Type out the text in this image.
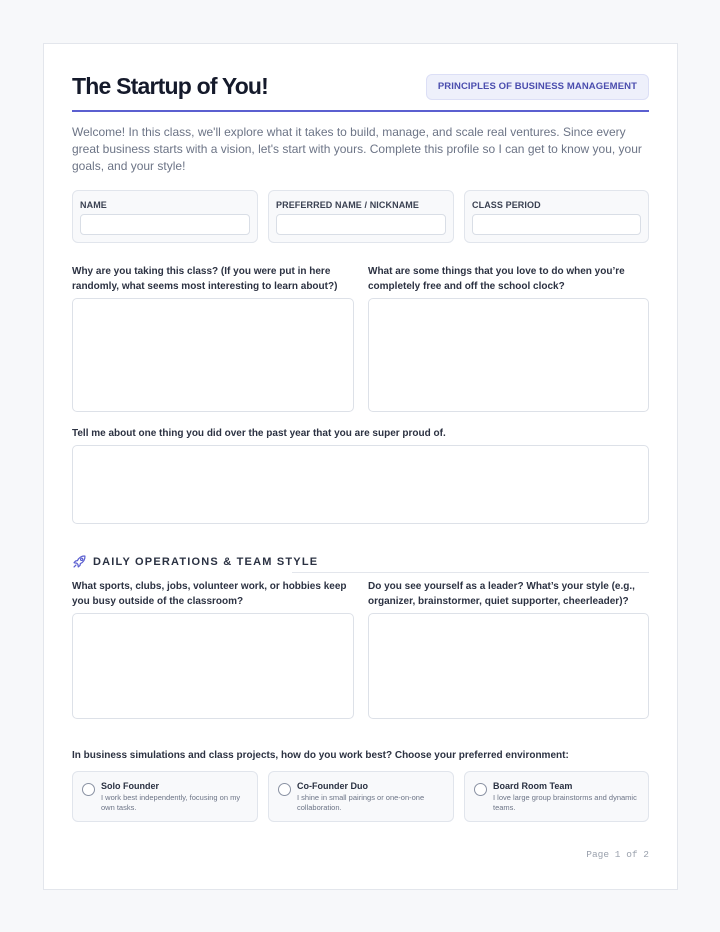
The Startup of You!	PRINCIPLES OF BUSINESS MANAGEMENT

Welcome! In this class, we'll explore what it takes to build, manage, and scale real ventures. Since every great business starts with a vision, let's start with yours. Complete this profile so I can get to know you, your goals, and your style!

NAME	PREFERRED NAME / NICKNAME	CLASS PERIOD
Why are you taking this class? (If you were put in here randomly, what seems most interesting to learn about?)
What are some things that you love to do when you’re completely free and off the school clock?
Tell me about one thing you did over the past year that you are super proud of.
DAILY OPERATIONS & TEAM STYLE
What sports, clubs, jobs, volunteer work, or hobbies keep you busy outside of the classroom?
Do you see yourself as a leader? What’s your style (e.g., organizer, brainstormer, quiet supporter, cheerleader)?
In business simulations and class projects, how do you work best? Choose your preferred environment:
Solo Founder
I work best independently, focusing on my own tasks.
Co-Founder Duo
I shine in small pairings or one-on-one collaboration.
Board Room Team
I love large group brainstorms and dynamic teams.
Page 1 of 2
